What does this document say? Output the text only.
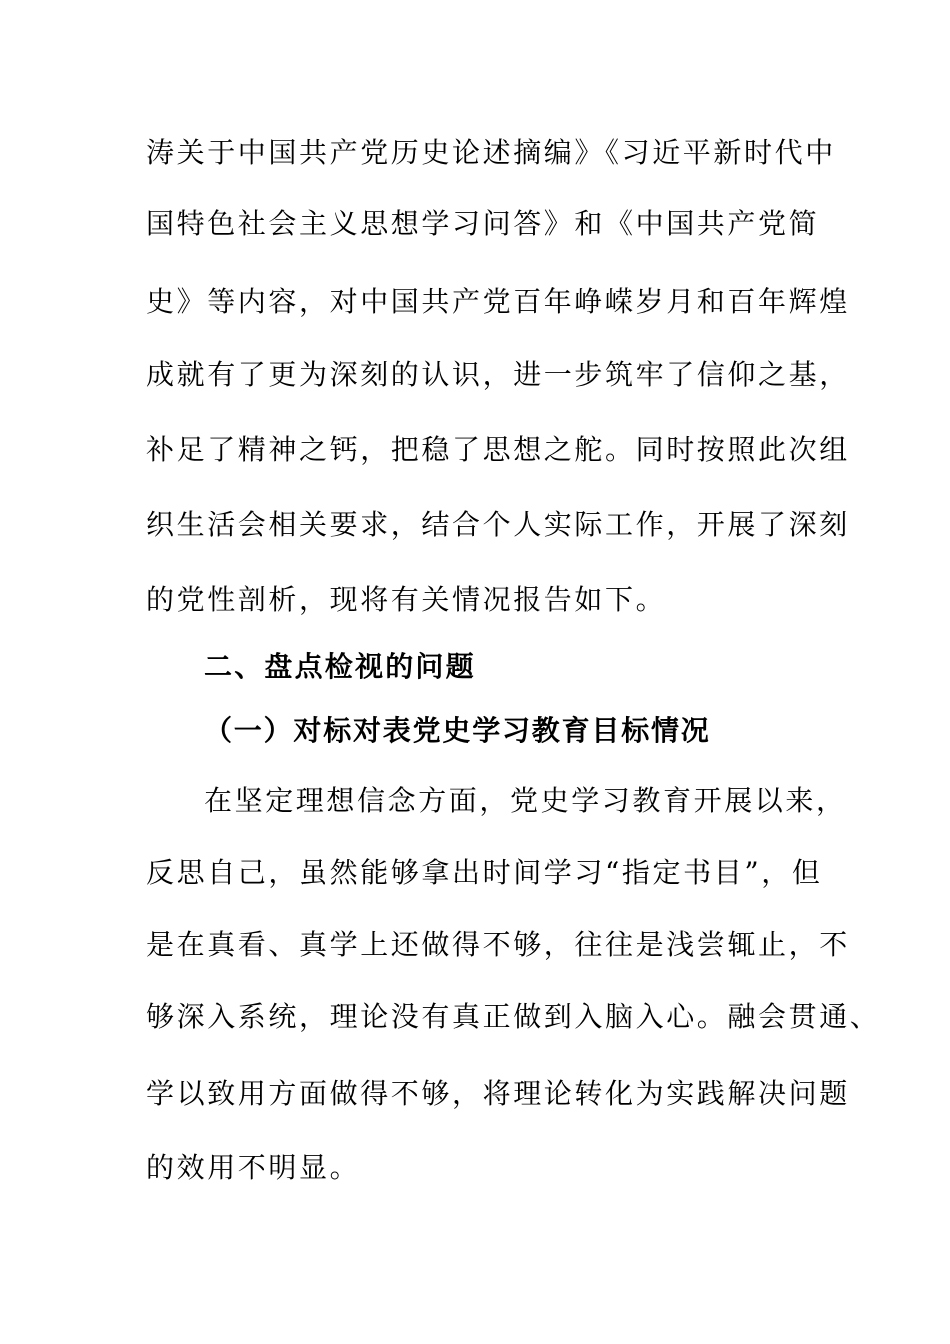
涛关于中国共产党历史论述摘编》《习近平新时代中
国特色社会主义思想学习问答》和《中国共产党简
史》等内容，对中国共产党百年峥嵘岁月和百年辉煌
成就有了更为深刻的认识，进一步筑牢了信仰之基，
补足了精神之钙，把稳了思想之舵。同时按照此次组
织生活会相关要求，结合个人实际工作，开展了深刻
的党性剖析，现将有关情况报告如下。
二、盘点检视的问题
（一）对标对表党史学习教育目标情况
在坚定理想信念方面，党史学习教育开展以来，
反思自己，虽然能够拿出时间学习“指定书目”，但
是在真看、真学上还做得不够，往往是浅尝辄止，不
够深入系统，理论没有真正做到入脑入心。融会贯通、
学以致用方面做得不够，将理论转化为实践解决问题
的效用不明显。
